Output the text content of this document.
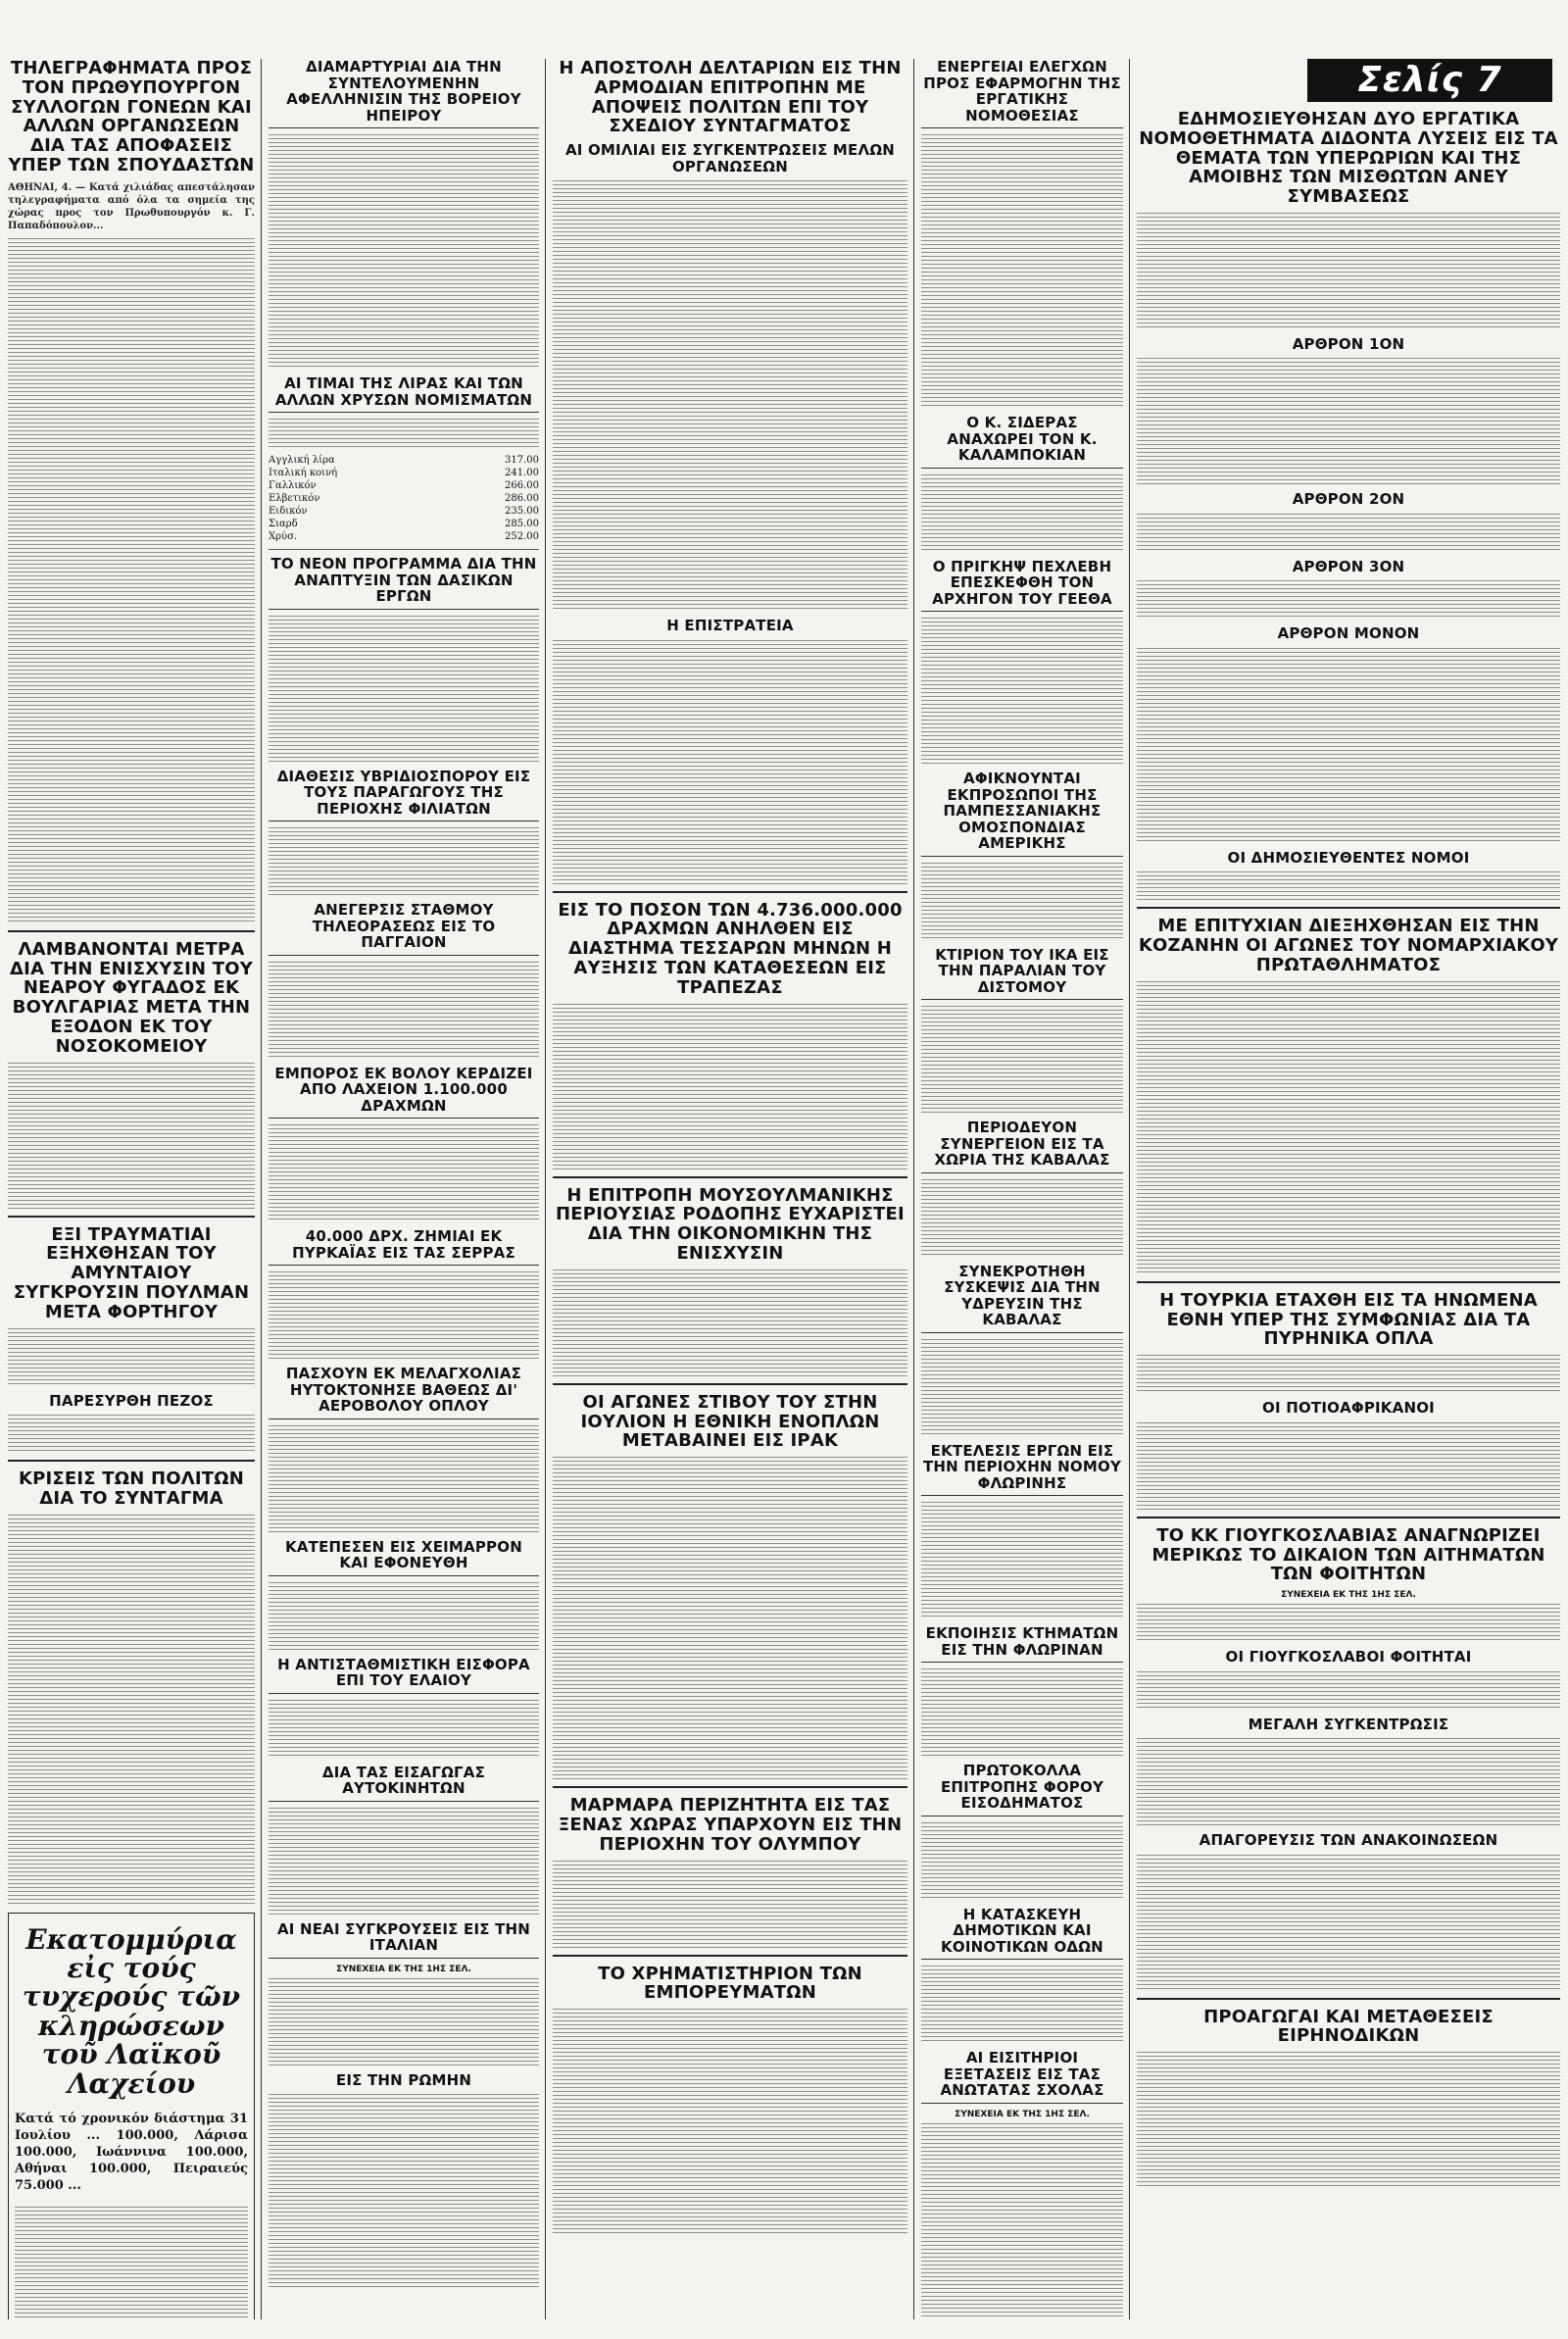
Σελίς 7
ΤΗΛΕΓΡΑΦΗΜΑΤΑ ΠΡΟΣ ΤΟΝ ΠΡΩΘΥΠΟΥΡΓΟΝ ΣΥΛΛΟΓΩΝ ΓΟΝΕΩΝ ΚΑΙ ΑΛΛΩΝ ΟΡΓΑΝΩΣΕΩΝ ΔΙΑ ΤΑΣ ΑΠΟΦΑΣΕΙΣ ΥΠΕΡ ΤΩΝ ΣΠΟΥΔΑΣΤΩΝ

ΑΘΗΝΑΙ, 4. — Κατά χιλιάδας απεστάλησαν τηλεγραφήματα από όλα τα σημεία της χώρας προς τον Πρωθυπουργόν κ. Γ. Παπαδόπουλον...

ΛΑΜΒΑΝΟΝΤΑΙ ΜΕΤΡΑ ΔΙΑ ΤΗΝ ΕΝΙΣΧΥΣΙΝ ΤΟΥ ΝΕΑΡΟΥ ΦΥΓΑΔΟΣ ΕΚ ΒΟΥΛΓΑΡΙΑΣ ΜΕΤΑ ΤΗΝ ΕΞΟΔΟΝ ΕΚ ΤΟΥ ΝΟΣΟΚΟΜΕΙΟΥ
ΕΞΙ ΤΡΑΥΜΑΤΙΑΙ ΕΞΗΧΘΗΣΑΝ ΤΟΥ ΑΜΥΝΤΑΙΟΥ ΣΥΓΚΡΟΥΣΙΝ ΠΟΥΛΜΑΝ ΜΕΤΑ ΦΟΡΤΗΓΟΥ
ΠΑΡΕΣΥΡΘΗ ΠΕΖΟΣ
ΚΡΙΣΕΙΣ ΤΩΝ ΠΟΛΙΤΩΝ ΔΙΑ ΤΟ ΣΥΝΤΑΓΜΑ
Εκατομμύρια εἰς τούς τυχερούς τῶν κληρώσεων τοῦ Λαϊκοῦ Λαχείου

Κατά τό χρονικόν διάστημα 31 Ιουλίου ... 100.000, Λάρισα 100.000, Ιωάννινα 100.000, Αθήναι 100.000, Πειραιεύς 75.000 ...

ΔΙΑΜΑΡΤΥΡΙΑΙ ΔΙΑ ΤΗΝ ΣΥΝΤΕΛΟΥΜΕΝΗΝ ΑΦΕΛΛΗΝΙΣΙΝ ΤΗΣ ΒΟΡΕΙΟΥ ΗΠΕΙΡΟΥ
ΑΙ ΤΙΜΑΙ ΤΗΣ ΛΙΡΑΣ ΚΑΙ ΤΩΝ ΑΛΛΩΝ ΧΡΥΣΩΝ ΝΟΜΙΣΜΑΤΩΝ
Αγγλική λίρα	317.00
Ιταλική κοινή	241.00
Γαλλικόν	266.00
Ελβετικόν	286.00
Ειδικόν	235.00
Σιαρδ	285.00
Χρύσ.	252.00
ΤΟ ΝΕΟΝ ΠΡΟΓΡΑΜΜΑ ΔΙΑ ΤΗΝ ΑΝΑΠΤΥΞΙΝ ΤΩΝ ΔΑΣΙΚΩΝ ΕΡΓΩΝ
ΔΙΑΘΕΣΙΣ ΥΒΡΙΔΙΟΣΠΟΡΟΥ ΕΙΣ ΤΟΥΣ ΠΑΡΑΓΩΓΟΥΣ ΤΗΣ ΠΕΡΙΟΧΗΣ ΦΙΛΙΑΤΩΝ
ΑΝΕΓΕΡΣΙΣ ΣΤΑΘΜΟΥ ΤΗΛΕΟΡΑΣΕΩΣ ΕΙΣ ΤΟ ΠΑΓΓΑΙΟΝ
ΕΜΠΟΡΟΣ ΕΚ ΒΟΛΟΥ ΚΕΡΔΙΖΕΙ ΑΠΟ ΛΑΧΕΙΟΝ 1.100.000 ΔΡΑΧΜΩΝ
40.000 ΔΡΧ. ΖΗΜΙΑΙ ΕΚ ΠΥΡΚΑΪΑΣ ΕΙΣ ΤΑΣ ΣΕΡΡΑΣ
ΠΑΣΧΟΥΝ ΕΚ ΜΕΛΑΓΧΟΛΙΑΣ ΗΥΤΟΚΤΟΝΗΣΕ ΒΑΘΕΩΣ ΔΙ' ΑΕΡΟΒΟΛΟΥ ΟΠΛΟΥ
ΚΑΤΕΠΕΣΕΝ ΕΙΣ ΧΕΙΜΑΡΡΟΝ ΚΑΙ ΕΦΟΝΕΥΘΗ
Η ΑΝΤΙΣΤΑΘΜΙΣΤΙΚΗ ΕΙΣΦΟΡΑ ΕΠΙ ΤΟΥ ΕΛΑΙΟΥ
ΔΙΑ ΤΑΣ ΕΙΣΑΓΩΓΑΣ ΑΥΤΟΚΙΝΗΤΩΝ
ΑΙ ΝΕΑΙ ΣΥΓΚΡΟΥΣΕΙΣ ΕΙΣ ΤΗΝ ΙΤΑΛΙΑΝ
ΣΥΝΕΧΕΙΑ ΕΚ ΤΗΣ 1ΗΣ ΣΕΛ.
ΕΙΣ ΤΗΝ ΡΩΜΗΝ
Η ΑΠΟΣΤΟΛΗ ΔΕΛΤΑΡΙΩΝ ΕΙΣ ΤΗΝ ΑΡΜΟΔΙΑΝ ΕΠΙΤΡΟΠΗΝ ΜΕ ΑΠΟΨΕΙΣ ΠΟΛΙΤΩΝ ΕΠΙ ΤΟΥ ΣΧΕΔΙΟΥ ΣΥΝΤΑΓΜΑΤΟΣ
ΑΙ ΟΜΙΛΙΑΙ ΕΙΣ ΣΥΓΚΕΝΤΡΩΣΕΙΣ ΜΕΛΩΝ ΟΡΓΑΝΩΣΕΩΝ
Η ΕΠΙΣΤΡΑΤΕΙΑ
ΕΙΣ ΤΟ ΠΟΣΟΝ ΤΩΝ 4.736.000.000 ΔΡΑΧΜΩΝ ΑΝΗΛΘΕΝ ΕΙΣ ΔΙΑΣΤΗΜΑ ΤΕΣΣΑΡΩΝ ΜΗΝΩΝ Η ΑΥΞΗΣΙΣ ΤΩΝ ΚΑΤΑΘΕΣΕΩΝ ΕΙΣ ΤΡΑΠΕΖΑΣ
Η ΕΠΙΤΡΟΠΗ ΜΟΥΣΟΥΛΜΑΝΙΚΗΣ ΠΕΡΙΟΥΣΙΑΣ ΡΟΔΟΠΗΣ ΕΥΧΑΡΙΣΤΕΙ ΔΙΑ ΤΗΝ ΟΙΚΟΝΟΜΙΚΗΝ ΤΗΣ ΕΝΙΣΧΥΣΙΝ
ΟΙ ΑΓΩΝΕΣ ΣΤΙΒΟΥ ΤΟΥ ΣΤΗΝ ΙΟΥΛΙΟΝ Η ΕΘΝΙΚΗ ΕΝΟΠΛΩΝ ΜΕΤΑΒΑΙΝΕΙ ΕΙΣ ΙΡΑΚ
ΜΑΡΜΑΡΑ ΠΕΡΙΖΗΤΗΤΑ ΕΙΣ ΤΑΣ ΞΕΝΑΣ ΧΩΡΑΣ ΥΠΑΡΧΟΥΝ ΕΙΣ ΤΗΝ ΠΕΡΙΟΧΗΝ ΤΟΥ ΟΛΥΜΠΟΥ
ΤΟ ΧΡΗΜΑΤΙΣΤΗΡΙΟΝ ΤΩΝ ΕΜΠΟΡΕΥΜΑΤΩΝ
ΕΝΕΡΓΕΙΑΙ ΕΛΕΓΧΩΝ ΠΡΟΣ ΕΦΑΡΜΟΓΗΝ ΤΗΣ ΕΡΓΑΤΙΚΗΣ ΝΟΜΟΘΕΣΙΑΣ
Ο Κ. ΣΙΔΕΡΑΣ ΑΝΑΧΩΡΕΙ ΤΟΝ Κ. ΚΑΛΑΜΠΟΚΙΑΝ
Ο ΠΡΙΓΚΗΨ ΠΕΧΛΕΒΗ ΕΠΕΣΚΕΦΘΗ ΤΟΝ ΑΡΧΗΓΟΝ ΤΟΥ ΓΕΕΘΑ
ΑΦΙΚΝΟΥΝΤΑΙ ΕΚΠΡΟΣΩΠΟΙ ΤΗΣ ΠΑΜΠΕΣΣΑΝΙΑΚΗΣ ΟΜΟΣΠΟΝΔΙΑΣ ΑΜΕΡΙΚΗΣ
ΚΤΙΡΙΟΝ ΤΟΥ ΙΚΑ ΕΙΣ ΤΗΝ ΠΑΡΑΛΙΑΝ ΤΟΥ ΔΙΣΤΟΜΟΥ
ΠΕΡΙΟΔΕΥΟΝ ΣΥΝΕΡΓΕΙΟΝ ΕΙΣ ΤΑ ΧΩΡΙΑ ΤΗΣ ΚΑΒΑΛΑΣ
ΣΥΝΕΚΡΟΤΗΘΗ ΣΥΣΚΕΨΙΣ ΔΙΑ ΤΗΝ ΥΔΡΕΥΣΙΝ ΤΗΣ ΚΑΒΑΛΑΣ
ΕΚΤΕΛΕΣΙΣ ΕΡΓΩΝ ΕΙΣ ΤΗΝ ΠΕΡΙΟΧΗΝ ΝΟΜΟΥ ΦΛΩΡΙΝΗΣ
ΕΚΠΟΙΗΣΙΣ ΚΤΗΜΑΤΩΝ ΕΙΣ ΤΗΝ ΦΛΩΡΙΝΑΝ
ΠΡΩΤΟΚΟΛΛΑ ΕΠΙΤΡΟΠΗΣ ΦΟΡΟΥ ΕΙΣΟΔΗΜΑΤΟΣ
Η ΚΑΤΑΣΚΕΥΗ ΔΗΜΟΤΙΚΩΝ ΚΑΙ ΚΟΙΝΟΤΙΚΩΝ ΟΔΩΝ
ΑΙ ΕΙΣΙΤΗΡΙΟΙ ΕΞΕΤΑΣΕΙΣ ΕΙΣ ΤΑΣ ΑΝΩΤΑΤΑΣ ΣΧΟΛΑΣ
ΣΥΝΕΧΕΙΑ ΕΚ ΤΗΣ 1ΗΣ ΣΕΛ.
ΕΔΗΜΟΣΙΕΥΘΗΣΑΝ ΔΥΟ ΕΡΓΑΤΙΚΑ ΝΟΜΟΘΕΤΗΜΑΤΑ ΔΙΔΟΝΤΑ ΛΥΣΕΙΣ ΕΙΣ ΤΑ ΘΕΜΑΤΑ ΤΩΝ ΥΠΕΡΩΡΙΩΝ ΚΑΙ ΤΗΣ ΑΜΟΙΒΗΣ ΤΩΝ ΜΙΣΘΩΤΩΝ ΑΝΕΥ ΣΥΜΒΑΣΕΩΣ
ΑΡΘΡΟΝ 1ΟΝ
ΑΡΘΡΟΝ 2ΟΝ
ΑΡΘΡΟΝ 3ΟΝ
ΑΡΘΡΟΝ ΜΟΝΟΝ
ΟΙ ΔΗΜΟΣΙΕΥΘΕΝΤΕΣ ΝΟΜΟΙ
ΜΕ ΕΠΙΤΥΧΙΑΝ ΔΙΕΞΗΧΘΗΣΑΝ ΕΙΣ ΤΗΝ ΚΟΖΑΝΗΝ ΟΙ ΑΓΩΝΕΣ ΤΟΥ ΝΟΜΑΡΧΙΑΚΟΥ ΠΡΩΤΑΘΛΗΜΑΤΟΣ
Η ΤΟΥΡΚΙΑ ΕΤΑΧΘΗ ΕΙΣ ΤΑ ΗΝΩΜΕΝΑ ΕΘΝΗ ΥΠΕΡ ΤΗΣ ΣΥΜΦΩΝΙΑΣ ΔΙΑ ΤΑ ΠΥΡΗΝΙΚΑ ΟΠΛΑ
ΟΙ ΠΟΤΙΟΑΦΡΙΚΑΝΟΙ
ΤΟ ΚΚ ΓΙΟΥΓΚΟΣΛΑΒΙΑΣ ΑΝΑΓΝΩΡΙΖΕΙ ΜΕΡΙΚΩΣ ΤΟ ΔΙΚΑΙΟΝ ΤΩΝ ΑΙΤΗΜΑΤΩΝ ΤΩΝ ΦΟΙΤΗΤΩΝ
ΣΥΝΕΧΕΙΑ ΕΚ ΤΗΣ 1ΗΣ ΣΕΛ.
ΟΙ ΓΙΟΥΓΚΟΣΛΑΒΟΙ ΦΟΙΤΗΤΑΙ
ΜΕΓΑΛΗ ΣΥΓΚΕΝΤΡΩΣΙΣ
ΑΠΑΓΟΡΕΥΣΙΣ ΤΩΝ ΑΝΑΚΟΙΝΩΣΕΩΝ
ΠΡΟΑΓΩΓΑΙ ΚΑΙ ΜΕΤΑΘΕΣΕΙΣ ΕΙΡΗΝΟΔΙΚΩΝ
